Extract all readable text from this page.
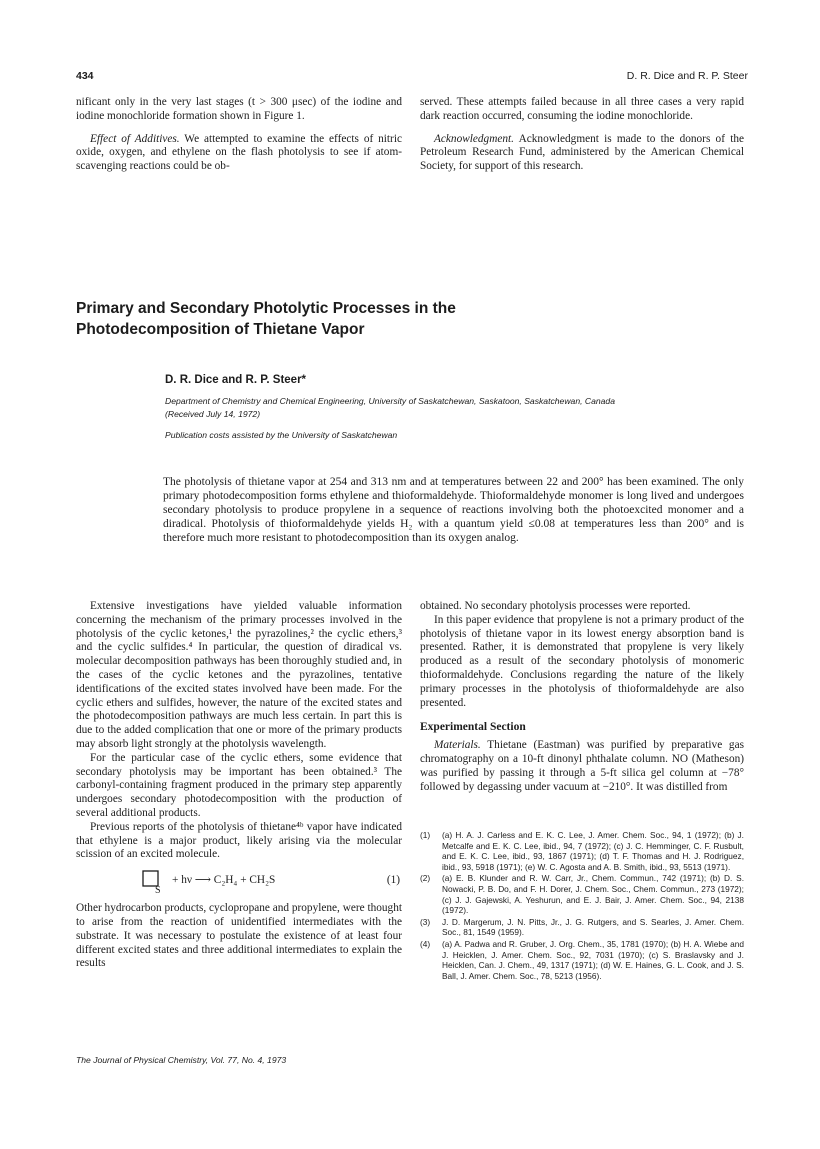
434	D. R. Dice and R. P. Steer

nificant only in the very last stages (t > 300 μsec) of the iodine and iodine monochloride formation shown in Figure 1.

Effect of Additives. We attempted to examine the effects of nitric oxide, oxygen, and ethylene on the flash photolysis to see if atom-scavenging reactions could be ob-

served. These attempts failed because in all three cases a very rapid dark reaction occurred, consuming the iodine monochloride.

Acknowledgment. Acknowledgment is made to the donors of the Petroleum Research Fund, administered by the American Chemical Society, for support of this research.

Primary and Secondary Photolytic Processes in the
Photodecomposition of Thietane Vapor
D. R. Dice and R. P. Steer*
Department of Chemistry and Chemical Engineering, University of Saskatchewan, Saskatoon, Saskatchewan, Canada
(Received July 14, 1972)
Publication costs assisted by the University of Saskatchewan
The photolysis of thietane vapor at 254 and 313 nm and at temperatures between 22 and 200° has been examined. The only primary photodecomposition forms ethylene and thioformaldehyde. Thioformaldehyde monomer is long lived and undergoes secondary photolysis to produce propylene in a sequence of reactions involving both the photoexcited monomer and a diradical. Photolysis of thioformaldehyde yields H₂ with a quantum yield ≤0.08 at temperatures less than 200° and is therefore much more resistant to photodecomposition than its oxygen analog.

Extensive investigations have yielded valuable information concerning the mechanism of the primary processes involved in the photolysis of the cyclic ketones,¹ the pyrazolines,² the cyclic ethers,³ and the cyclic sulfides.⁴ In particular, the question of diradical vs. molecular decomposition pathways has been thoroughly studied and, in the cases of the cyclic ketones and the pyrazolines, tentative identifications of the excited states involved have been made. For the cyclic ethers and sulfides, however, the nature of the excited states and the photodecomposition pathways are much less certain. In part this is due to the added complication that one or more of the primary products may absorb light strongly at the photolysis wavelength.

For the particular case of the cyclic ethers, some evidence that secondary photolysis may be important has been obtained.³ The carbonyl-containing fragment produced in the primary step apparently undergoes secondary photodecomposition with the production of several additional products.

Previous reports of the photolysis of thietane⁴ᵇ vapor have indicated that ethylene is a major product, likely arising via the molecular scission of an excited molecule.

S
+ hν ⟶ C₂H₄ + CH₂S	(1)

Other hydrocarbon products, cyclopropane and propylene, were thought to arise from the reaction of unidentified intermediates with the substrate. It was necessary to postulate the existence of at least four different excited states and three additional intermediates to explain the results

obtained. No secondary photolysis processes were reported.

In this paper evidence that propylene is not a primary product of the photolysis of thietane vapor in its lowest energy absorption band is presented. Rather, it is demonstrated that propylene is very likely produced as a result of the secondary photolysis of monomeric thioformaldehyde. Conclusions regarding the nature of the likely primary processes in the photolysis of thioformaldehyde are also presented.

Experimental Section

Materials. Thietane (Eastman) was purified by preparative gas chromatography on a 10-ft dinonyl phthalate column. NO (Matheson) was purified by passing it through a 5-ft silica gel column at −78° followed by degassing under vacuum at −210°. It was distilled from

(1)	(a) H. A. J. Carless and E. K. C. Lee, J. Amer. Chem. Soc., 94, 1 (1972); (b) J. Metcalfe and E. K. C. Lee, ibid., 94, 7 (1972); (c) J. C. Hemminger, C. F. Rusbult, and E. K. C. Lee, ibid., 93, 1867 (1971); (d) T. F. Thomas and H. J. Rodriguez, ibid., 93, 5918 (1971); (e) W. C. Agosta and A. B. Smith, ibid., 93, 5513 (1971).
(2)	(a) E. B. Klunder and R. W. Carr, Jr., Chem. Commun., 742 (1971); (b) D. S. Nowacki, P. B. Do, and F. H. Dorer, J. Chem. Soc., Chem. Commun., 273 (1972); (c) J. J. Gajewski, A. Yeshurun, and E. J. Bair, J. Amer. Chem. Soc., 94, 2138 (1972).
(3)	J. D. Margerum, J. N. Pitts, Jr., J. G. Rutgers, and S. Searles, J. Amer. Chem. Soc., 81, 1549 (1959).
(4)	(a) A. Padwa and R. Gruber, J. Org. Chem., 35, 1781 (1970); (b) H. A. Wiebe and J. Heicklen, J. Amer. Chem. Soc., 92, 7031 (1970); (c) S. Braslavsky and J. Heicklen, Can. J. Chem., 49, 1317 (1971); (d) W. E. Haines, G. L. Cook, and J. S. Ball, J. Amer. Chem. Soc., 78, 5213 (1956).
The Journal of Physical Chemistry, Vol. 77, No. 4, 1973
